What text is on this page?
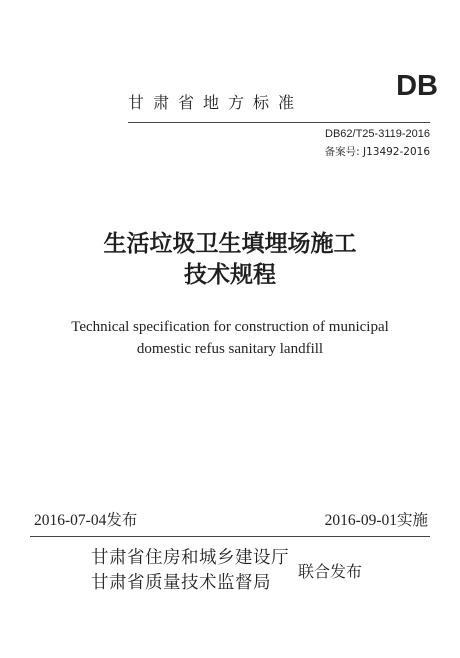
甘肃省地方标准
DB
DB62/T25-3119-2016
备案号: J13492-2016
生活垃圾卫生填埋场施工
技术规程
Technical specification for construction of municipal
domestic refus sanitary landfill
2016-07-04发布	2016-09-01实施
甘肃省住房和城乡建设厅
甘肃省质量技术监督局
联合发布
